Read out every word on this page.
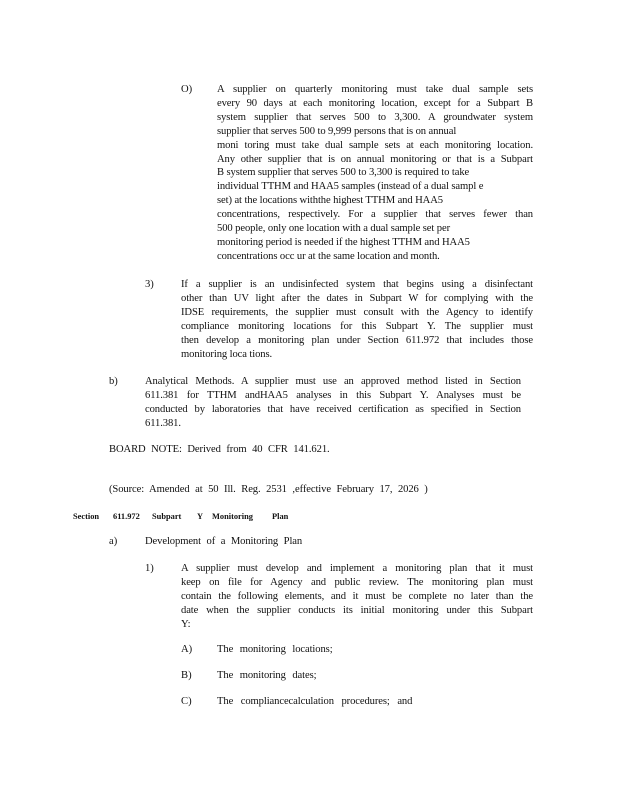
O) A supplier on quarterly monitoring must take dual sample sets
every 90 days at each monitoring location, except for a Subpart B
system supplier that serves 500 to 3,300. A groundwater system
supplier that serves 500 to 9,999 persons that is on annual
moni toring must take dual sample sets at each monitoring location.
Any other supplier that is on annual monitoring or that is a Subpart
B system supplier that serves 500 to 3,300 is required to take
individual TTHM and HAA5 samples (instead of a dual sampl e
set) at the locations withthe highest TTHM and HAA5
concentrations, respectively. For a supplier that serves fewer than
500 people, only one location with a dual sample set per
monitoring period is needed if the highest TTHM and HAA5
concentrations occ ur at the same location and month.
3)	If a supplier is an undisinfected system that begins using a disinfectant
other than UV light after the dates in Subpart W for complying with the
IDSE requirements, the supplier must consult with the Agency to identify
compliance monitoring locations for this Subpart Y. The supplier must
then develop a monitoring plan under Section 611.972 that includes those
monitoring loca tions.
b)	Analytical Methods. A supplier must use an approved method listed in Section
611.381 for TTHM andHAA5 analyses in this Subpart Y. Analyses must be
conducted by laboratories that have received certification as specified in Section
611.381.
BOARD NOTE: Derived from 40 CFR 141.621.
(Source: Amended at 50 Ill. Reg. 2531 ,effective February 17, 2026 )
Section 611.972 Subpart Y Monitoring Plan
a)	Development of a Monitoring Plan
1)	A supplier must develop and implement a monitoring plan that it must
keep on file for Agency and public review. The monitoring plan must
contain the following elements, and it must be complete no later than the
date when the supplier conducts its initial monitoring under this Subpart
Y:
A) The monitoring locations;
B) The monitoring dates;
C) The compliancecalculation procedures; and
